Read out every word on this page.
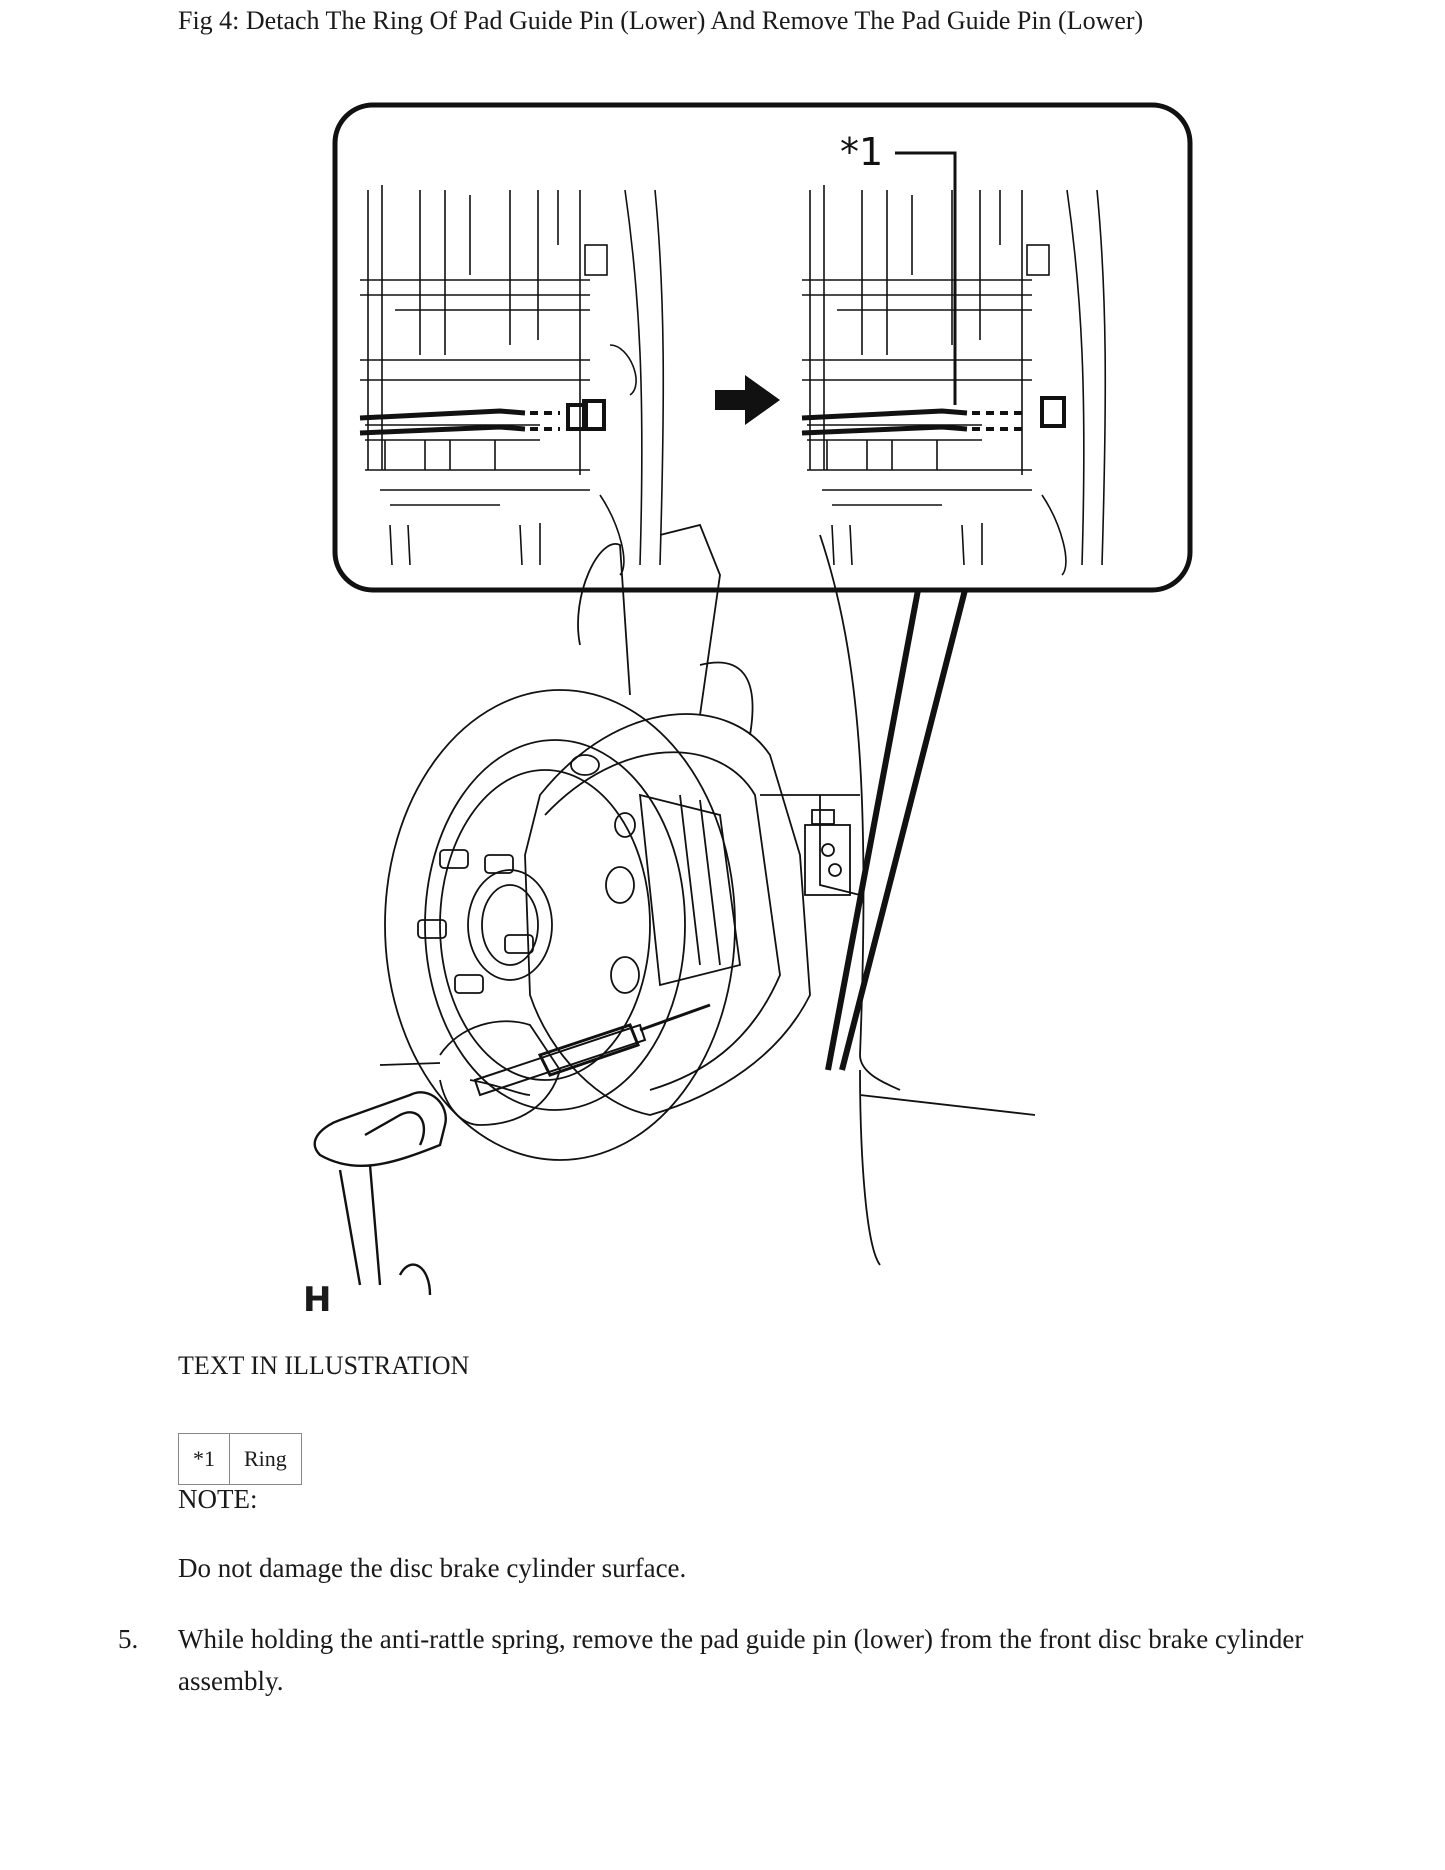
Fig 4: Detach The Ring Of Pad Guide Pin (Lower) And Remove The Pad Guide Pin (Lower)
*1
H
TEXT IN ILLUSTRATION
*1	Ring
NOTE:
Do not damage the disc brake cylinder surface.
5. While holding the anti-rattle spring, remove the pad guide pin (lower) from the front disc brake cylinder assembly.
